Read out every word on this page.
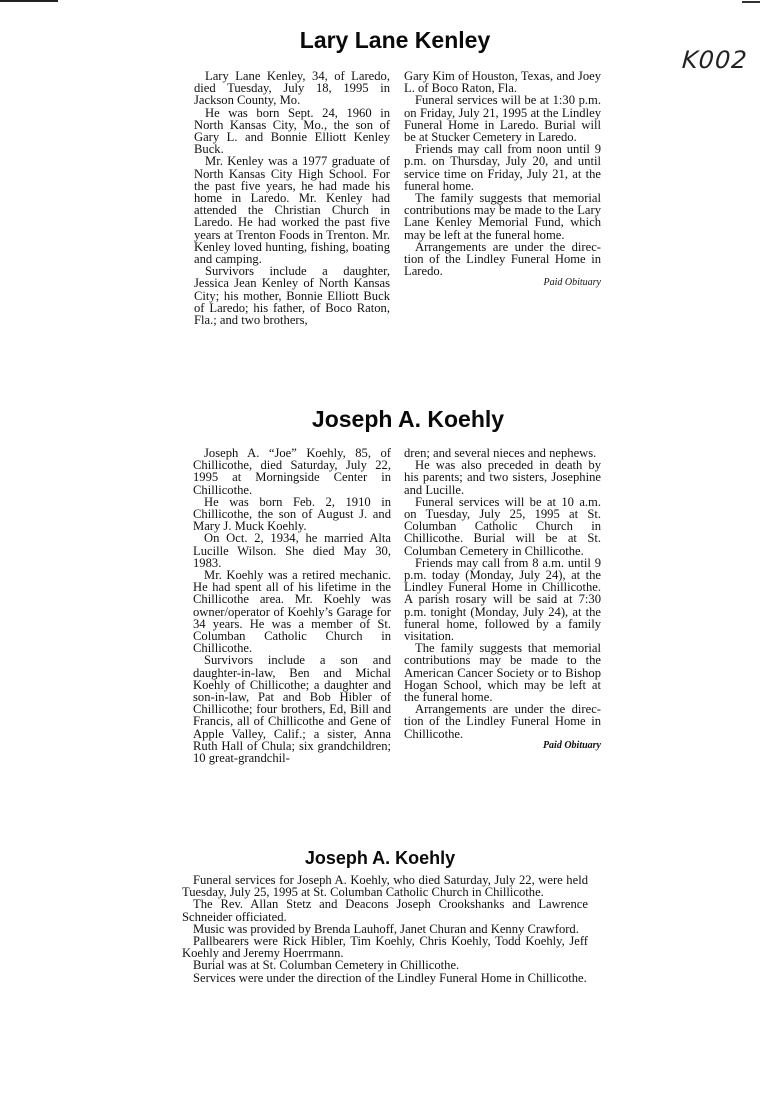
K002
Lary Lane Kenley

Lary Lane Kenley, 34, of Laredo, died Tuesday, July 18, 1995 in Jackson County, Mo.

He was born Sept. 24, 1960 in North Kansas City, Mo., the son of Gary L. and Bonnie Elliott Kenley Buck.

Mr. Kenley was a 1977 graduate of North Kansas City High School. For the past five years, he had made his home in Laredo. Mr. Kenley had attended the Christian Church in Laredo. He had worked the past five years at Trenton Foods in Trenton. Mr. Kenley loved hunting, fishing, boating and camping.

Survivors include a daughter, Jessica Jean Kenley of North Kansas City; his mother, Bonnie Elliott Buck of Laredo; his father, of Boco Raton, Fla.; and two brothers,

Gary Kim of Houston, Texas, and Joey L. of Boco Raton, Fla.

Funeral services will be at 1:30 p.m. on Friday, July 21, 1995 at the Lindley Funeral Home in Laredo. Burial will be at Stucker Cemetery in Laredo.

Friends may call from noon until 9 p.m. on Thursday, July 20, and until service time on Friday, July 21, at the funeral home.

The family suggests that memorial contributions may be made to the Lary Lane Kenley Memorial Fund, which may be left at the funeral home.

Arrangements are under the direction of the Lindley Funeral Home in Laredo.

Paid Obituary

Joseph A. Koehly

Joseph A. “Joe” Koehly, 85, of Chillicothe, died Saturday, July 22, 1995 at Morningside Center in Chillicothe.

He was born Feb. 2, 1910 in Chillicothe, the son of August J. and Mary J. Muck Koehly.

On Oct. 2, 1934, he married Alta Lucille Wilson. She died May 30, 1983.

Mr. Koehly was a retired mechanic. He had spent all of his lifetime in the Chillicothe area. Mr. Koehly was owner/operator of Koehly’s Garage for 34 years. He was a member of St. Columban Catholic Church in Chillicothe.

Survivors include a son and daughter-in-law, Ben and Michal Koehly of Chillicothe; a daughter and son-in-law, Pat and Bob Hibler of Chillicothe; four brothers, Ed, Bill and Francis, all of Chillicothe and Gene of Apple Valley, Calif.; a sister, Anna Ruth Hall of Chula; six grandchildren; 10 great-grandchil-

dren; and several nieces and nephews.

He was also preceded in death by his parents; and two sisters, Josephine and Lucille.

Funeral services will be at 10 a.m. on Tuesday, July 25, 1995 at St. Columban Catholic Church in Chillicothe. Burial will be at St. Columban Cemetery in Chillicothe.

Friends may call from 8 a.m. until 9 p.m. today (Monday, July 24), at the Lindley Funeral Home in Chillicothe. A parish rosary will be said at 7:30 p.m. tonight (Monday, July 24), at the funeral home, followed by a family visitation.

The family suggests that memorial contributions may be made to the American Cancer Society or to Bishop Hogan School, which may be left at the funeral home.

Arrangements are under the direction of the Lindley Funeral Home in Chillicothe.

Paid Obituary

Joseph A. Koehly

Funeral services for Joseph A. Koehly, who died Saturday, July 22, were held Tuesday, July 25, 1995 at St. Columban Catholic Church in Chillicothe.

The Rev. Allan Stetz and Deacons Joseph Crookshanks and Lawrence Schneider officiated.

Music was provided by Brenda Lauhoff, Janet Churan and Kenny Crawford.

Pallbearers were Rick Hibler, Tim Koehly, Chris Koehly, Todd Koehly, Jeff Koehly and Jeremy Hoerrmann.

Burial was at St. Columban Cemetery in Chillicothe.

Services were under the direction of the Lindley Funeral Home in Chillicothe.
